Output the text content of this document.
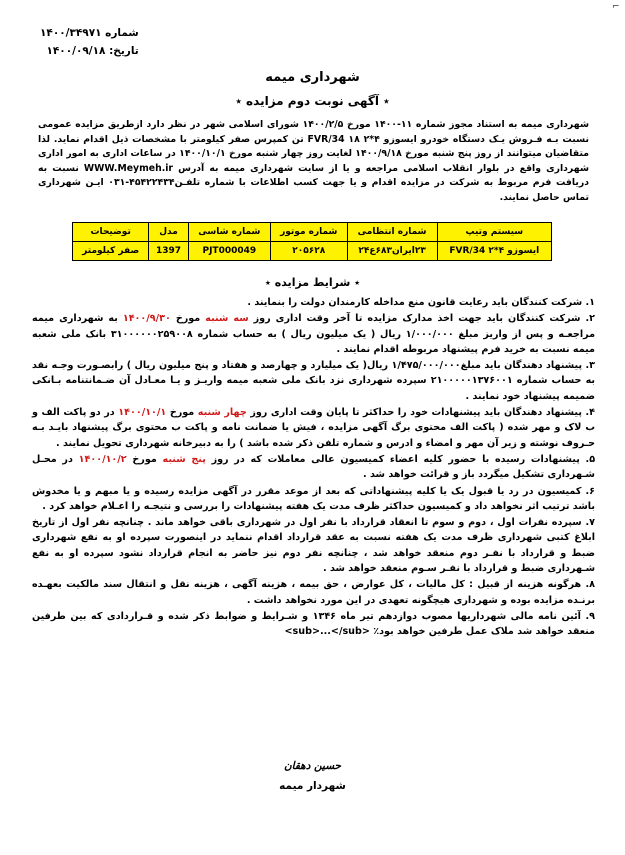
شماره ۱۴۰۰/۳۴۹۷۱
تاریخ: ۱۴۰۰/۰۹/۱۸
⌐
شهرداری میمه
٭ آگهی نوبت دوم مزایده ٭
شهرداری میمه به استناد مجوز شماره ۱۱-۱۴۰۰ مورخ ۱۴۰۰/۲/۵ شورای اسلامی شهر در نظر دارد ازطریق مزایده عمومی نسبت بـه فـروش یـک دستگاه خودرو ایسوزو ۴*۲ FVR/34 ۱۸ تن کمپرس صفر کیلومتر با مشخصات ذیل اقدام نماید. لذا متقاضیان میتوانند از روز پنج شنبه مورخ ۱۴۰۰/۹/۱۸ لغایت روز چهار شنبه مورخ ۱۴۰۰/۱۰/۱ در ساعات اداری به امور اداری شهرداری واقع در بلوار انقلاب اسلامی مراجعه و یا از سایت شهرداری میمه به آدرس WWW.Meymeh.ir نسبت به دریافت فرم مربوط به شرکت در مزایده اقدام و یا جهت کسب اطلاعات با شماره تلفـن۴۵۴۲۲۴۳۴-۰۳۱ ایـن شهرداری تماس حاصل نمایند.
سیستم وتیپ	شماره انتظامی	شماره موتور	شماره شاسی	مدل	توضیحات
ایسوزو ۴*۲ FVR/34	۲۳ایران۶۸۳ع۲۴	۲۰۵۶۲۸	PJT000049	1397	صفر کیلومتر
٭ شرایط مزایده ٭

۱. شرکت کنندگان باید رعایت قانون منع مداخله کارمندان دولت را بنمایند .

۲. شرکت کنندگان باید جهت اخذ مدارک مزایده تا آخر وقت اداری روز سه شنبه مورخ ۱۴۰۰/۹/۳۰ به شهرداری میمه مراجعـه و پس از واریز مبلغ ۱/۰۰۰/۰۰۰ ریال ( یک میلیون ریال ) به حساب شماره ۳۱۰۰۰۰۰۰۲۵۹۰۰۸ بانک ملی شعبه میمه نسبت به خرید فرم پیشنهاد مربوطه اقدام نمایند .

۳. پیشنهاد دهندگان باید مبلغ۱/۴۷۵/۰۰۰/۰۰۰ ریال( یک میلیارد و چهارصد و هفتاد و پنج میلیون ریال ) رابصـورت وجـه نقد به حساب شماره ۲۱۰۰۰۰۰۱۳۷۶۰۰۱ سپرده شهرداری نزد بانک ملی شعبه میمه واریـز و یـا معـادل آن ضـمانتنامه بـانکی ضمیمه پیشنهاد خود نمایند .

۴. پیشنهاد دهندگان باید پیشنهادات خود را حداکثر تا پایان وقت اداری روز چهار شنبه مورخ ۱۴۰۰/۱۰/۱ در دو پاکت الف و ب لاک و مهر شده ( پاکت الف محتوی برگ آگهی مزایده ، فیش یا ضمانت نامه و پاکت ب محتوی برگ پیشنهاد بایـد بـه حـروف نوشته و زیر آن مهر و امضاء و ادرس و شماره تلفن ذکر شده باشد ) را به دبیرخانه شهرداری تحویل نمایند .

۵. پیشنهادات رسیده با حضور کلیه اعضاء کمیسیون عالی معاملات که در روز پنج شنبه مورخ ۱۴۰۰/۱۰/۲ در محـل شـهرداری تشکیل میگردد باز و قرائت خواهد شد .

۶. کمیسیون در رد یا قبول یک یا کلیه پیشنهاداتی که بعد از موعد مقرر در آگهی مزایده رسیده و یا مبهم و یا مخدوش باشد ترتیب اثر نخواهد داد و کمیسیون حداکثر ظرف مدت یک هفته پیشنهادات را بررسی و نتیجـه را اعـلام خواهد کرد .

۷. سپرده نفرات اول ، دوم و سوم تا انعقاد قرارداد با نفر اول در شهرداری باقی خواهد ماند . چنانچه نفر اول از تاریخ ابلاغ کتبی شهرداری ظرف مدت یک هفته نسبت به عقد قرارداد اقدام ننماید در اینصورت سپرده او به نفع شهرداری ضبط و قرارداد با نفـر دوم منعقد خواهد شد ، چنانچه نفر دوم نیز حاضر به انجام قرارداد نشود سپرده او به نفع شـهرداری ضبط و قرارداد با نفـر سـوم منعقد خواهد شد .

۸. هرگونه هزینه از قبیل : کل مالیات ، کل عوارض ، حق بیمه ، هزینه آگهی ، هزینه نقل و انتقال سند مالکیت بعهـده برنـده مزایده بوده و شهرداری هیچگونه تعهدی در این مورد نخواهد داشت .

۹. آئین نامه مالی شهرداریها مصوب دوازدهم تیر ماه ۱۳۴۶ و شـرایط و ضوابط ذکر شده و قـراردادی که بین طرفین منعقد خواهد شد ملاک عمل طرفین خواهد بود٪ <sub>...</sub>

حسین دهقان
شهردار میمه
